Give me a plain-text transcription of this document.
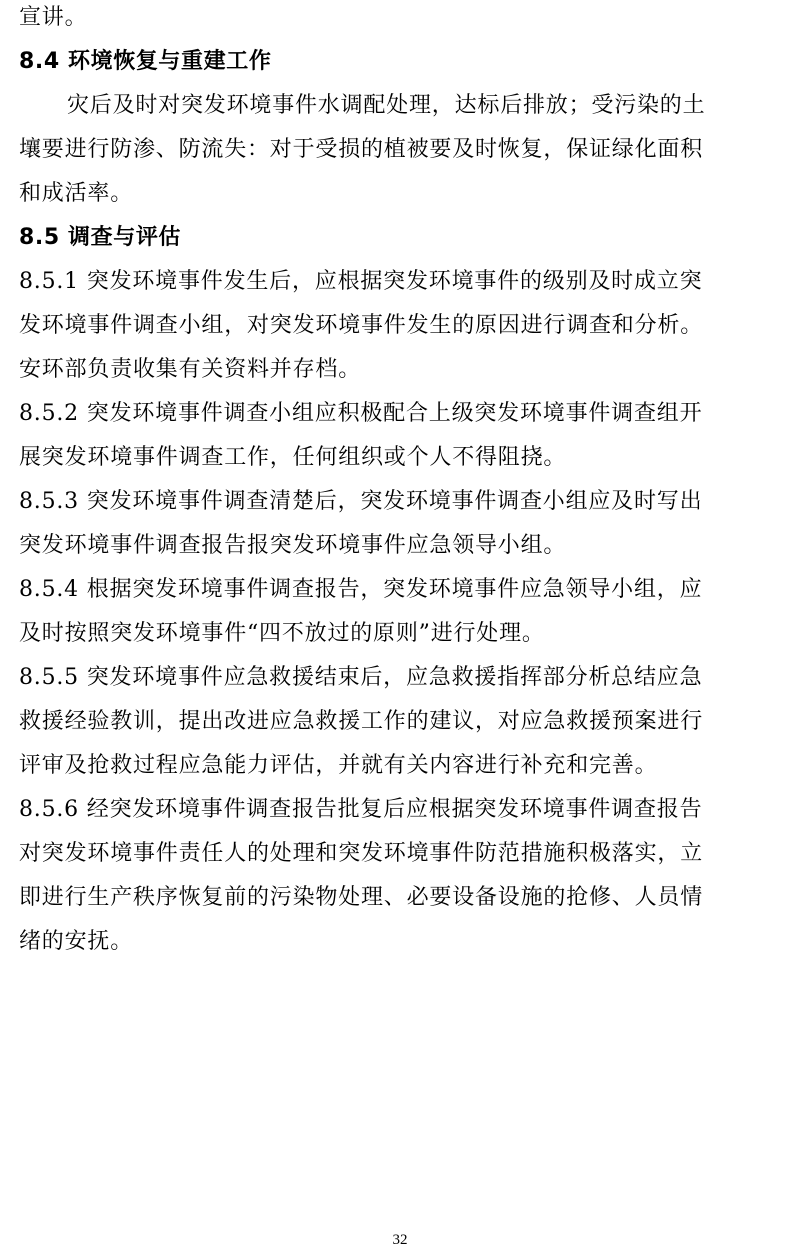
宣讲。
8.4 环境恢复与重建工作
灾后及时对突发环境事件水调配处理，达标后排放；受污染的土
壤要进行防渗、防流失：对于受损的植被要及时恢复，保证绿化面积
和成活率。
8.5 调查与评估
8.5.1 突发环境事件发生后，应根据突发环境事件的级别及时成立突
发环境事件调查小组，对突发环境事件发生的原因进行调查和分析。
安环部负责收集有关资料并存档。
8.5.2 突发环境事件调查小组应积极配合上级突发环境事件调查组开
展突发环境事件调查工作，任何组织或个人不得阻挠。
8.5.3 突发环境事件调查清楚后，突发环境事件调查小组应及时写出
突发环境事件调查报告报突发环境事件应急领导小组。
8.5.4 根据突发环境事件调查报告，突发环境事件应急领导小组，应
及时按照突发环境事件“四不放过的原则”进行处理。
8.5.5 突发环境事件应急救援结束后，应急救援指挥部分析总结应急
救援经验教训，提出改进应急救援工作的建议，对应急救援预案进行
评审及抢救过程应急能力评估，并就有关内容进行补充和完善。
8.5.6 经突发环境事件调查报告批复后应根据突发环境事件调查报告
对突发环境事件责任人的处理和突发环境事件防范措施积极落实，立
即进行生产秩序恢复前的污染物处理、必要设备设施的抢修、人员情
绪的安抚。
32
